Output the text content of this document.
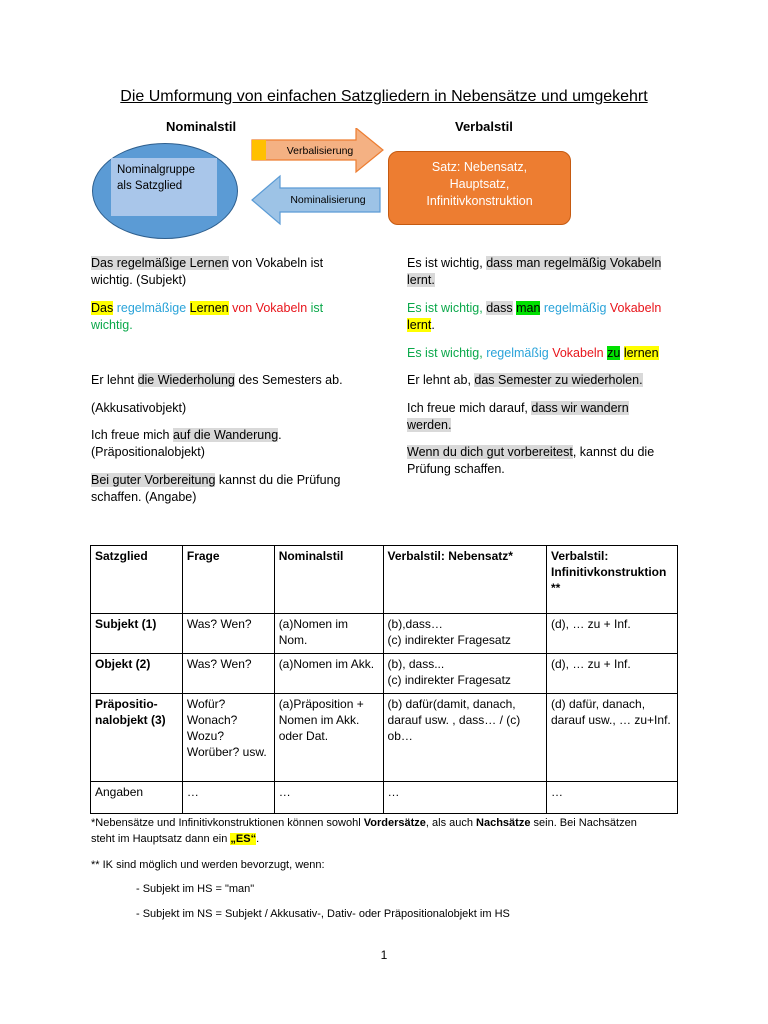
Die Umformung von einfachen Satzgliedern in Nebensätze und umgekehrt
Nominalstil	Verbalstil
Nominalgruppe
als Satzglied
Verbalisierung
Nominalisierung
Satz: Nebensatz,
Hauptsatz,
Infinitivkonstruktion
Das regelmäßige Lernen von Vokabeln ist
wichtig. (Subjekt)
Es ist wichtig, dass man regelmäßig Vokabeln
lernt.
Das regelmäßige Lernen von Vokabeln ist
wichtig.
Es ist wichtig, dass man regelmäßig Vokabeln
lernt.
Es ist wichtig, regelmäßig Vokabeln zu lernen
Er lehnt die Wiederholung des Semesters ab.
(Akkusativobjekt)
Er lehnt ab, das Semester zu wiederholen.
Ich freue mich auf die Wanderung.
(Präpositionalobjekt)
Ich freue mich darauf, dass wir wandern
werden.
Bei guter Vorbereitung kannst du die Prüfung
schaffen. (Angabe)
Wenn du dich gut vorbereitest, kannst du die
Prüfung schaffen.
Satzglied	Frage	Nominalstil	Verbalstil: Nebensatz*	Verbalstil: Infinitivkonstruktion **
Subjekt (1)	Was? Wen?	(a)Nomen im Nom.	(b),dass…
(c) indirekter Fragesatz	(d), … zu + Inf.
Objekt (2)	Was? Wen?	(a)Nomen im Akk.	(b), dass...
(c) indirekter Fragesatz	(d), … zu + Inf.
Präpositio-nalobjekt (3)	Wofür? Wonach? Wozu? Worüber? usw.	(a)Präposition + Nomen im Akk. oder Dat.	(b) dafür(damit, danach, darauf usw. , dass… / (c) ob…	(d) dafür, danach, darauf usw., … zu+Inf.
Angaben	…	…	…	…
*Nebensätze und Infinitivkonstruktionen können sowohl Vordersätze, als auch Nachsätze sein. Bei Nachsätzen
steht im Hauptsatz dann ein „ES“.
** IK sind möglich und werden bevorzugt, wenn:
- Subjekt im HS = "man"
- Subjekt im NS = Subjekt / Akkusativ-, Dativ- oder Präpositionalobjekt im HS
1
